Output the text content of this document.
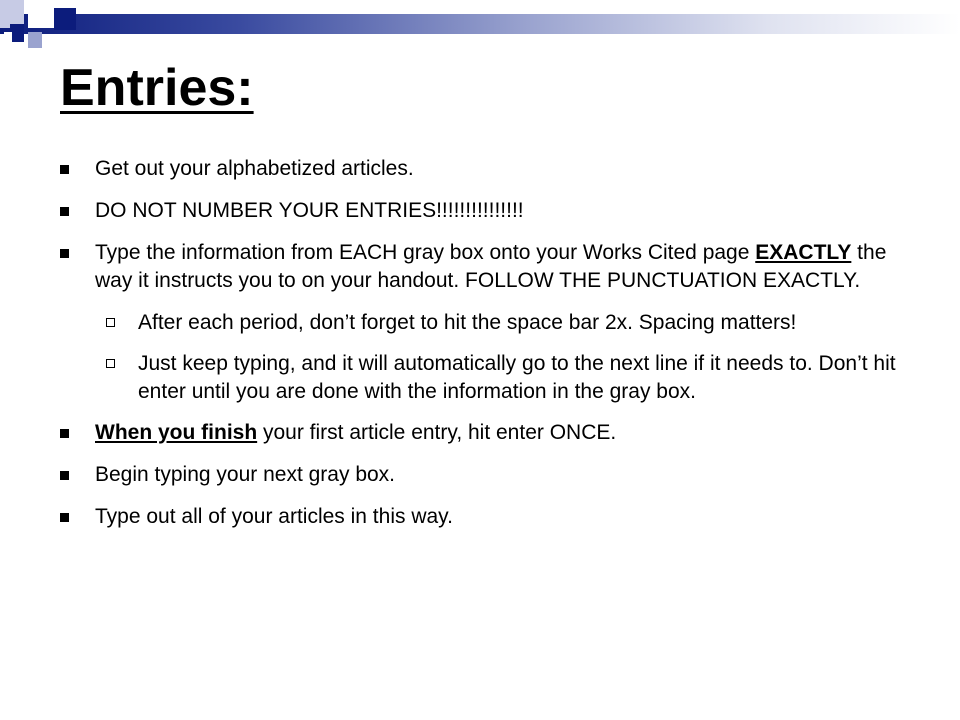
Entries:
Get out your alphabetized articles.
DO NOT NUMBER YOUR ENTRIES!!!!!!!!!!!!!!!
Type the information from EACH gray box onto your Works Cited page EXACTLY the way it instructs you to on your handout. FOLLOW THE PUNCTUATION EXACTLY.
After each period, don’t forget to hit the space bar 2x. Spacing matters!
Just keep typing, and it will automatically go to the next line if it needs to. Don’t hit enter until you are done with the information in the gray box.
When you finish your first article entry, hit enter ONCE.
Begin typing your next gray box.
Type out all of your articles in this way.
